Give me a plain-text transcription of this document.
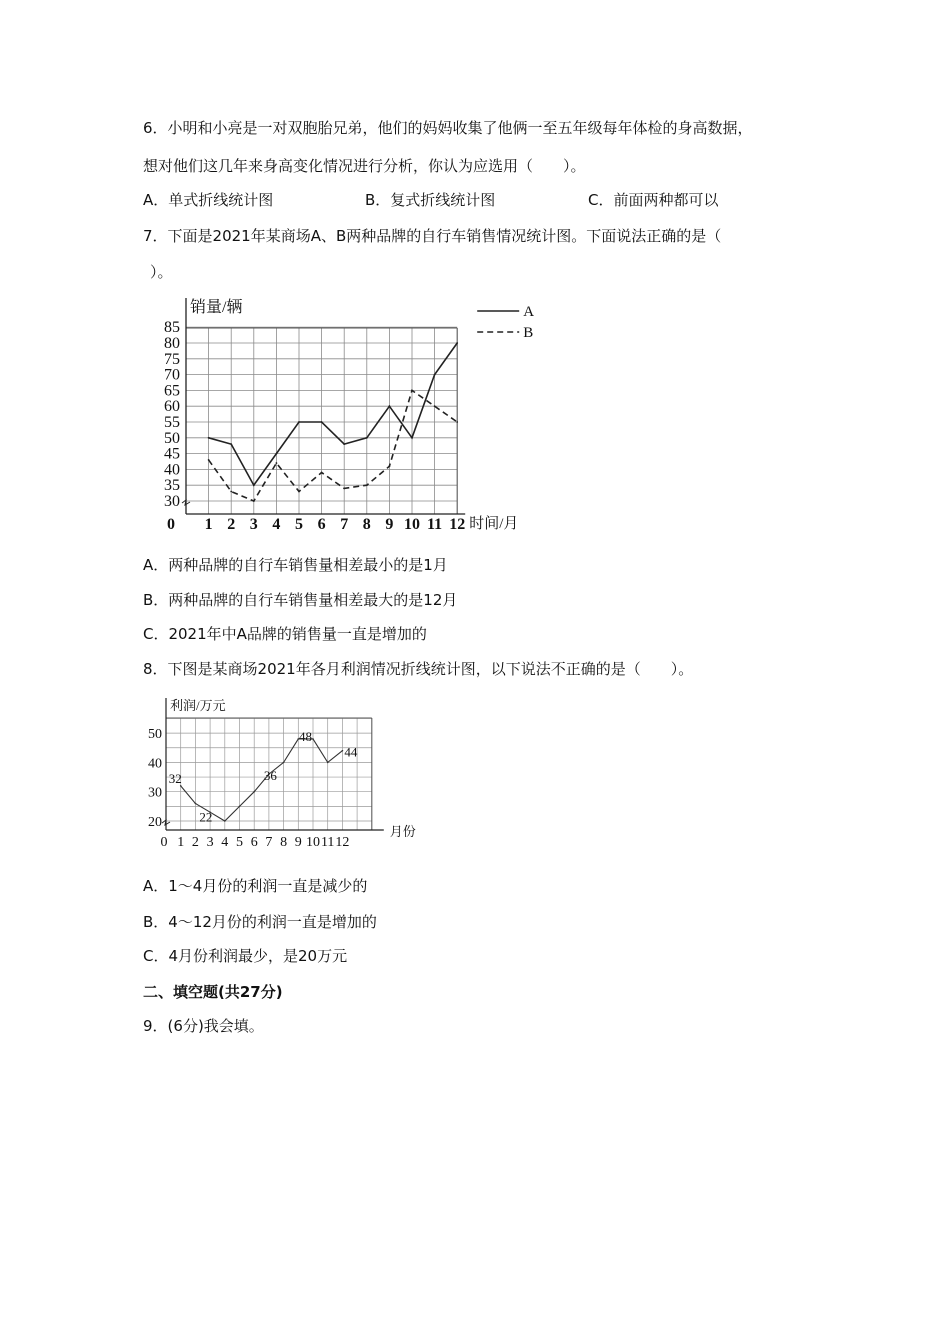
6．小明和小亮是一对双胞胎兄弟，他们的妈妈收集了他俩一至五年级每年体检的身高数据，
想对他们这几年来身高变化情况进行分析，你认为应选用（　　）。
A．单式折线统计图	B．复式折线统计图	C．前面两种都可以
7．下面是2021年某商场A、B两种品牌的自行车销售情况统计图。下面说法正确的是（
）。
销量/辆
时间/月
30
35
40
45
50
55
60
65
70
75
80
85
0 1 2 3 4 5 6 7 8 9 10 11 12
A
B
A．两种品牌的自行车销售量相差最小的是1月
B．两种品牌的自行车销售量相差最大的是12月
C．2021年中A品牌的销售量一直是增加的
8．下图是某商场2021年各月利润情况折线统计图，以下说法不正确的是（　　）。
利润/万元
月份
20
30
40
50
0 1 2 3 4 5 6 7 8 9 10 11 12
32
22
36
48
44
A．1～4月份的利润一直是减少的
B．4～12月份的利润一直是增加的
C．4月份利润最少，是20万元
二、填空题(共27分)
9．(6分)我会填。
